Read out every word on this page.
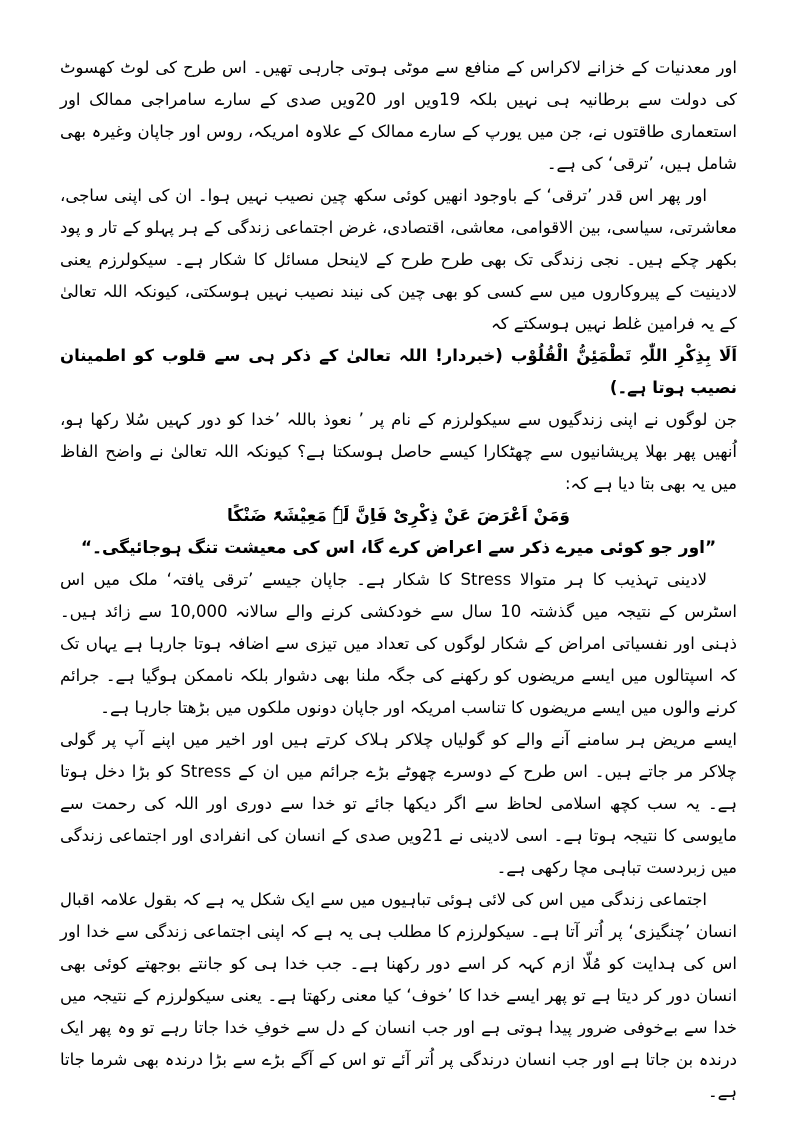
اور معدنیات کے خزانے لاکراس کے منافع سے موٹی ہوتی جارہی تھیں۔ اس طرح کی لوٹ کھسوٹ کی دولت سے برطانیہ ہی نہیں بلکہ 19ویں اور 20ویں صدی کے سارے سامراجی ممالک اور استعماری طاقتوں نے، جن میں یورپ کے سارے ممالک کے علاوہ امریکہ، روس اور جاپان وغیرہ بھی شامل ہیں، ’ترقی‘ کی ہے۔

اور پھر اس قدر ’ترقی‘ کے باوجود انھیں کوئی سکھ چین نصیب نہیں ہوا۔ ان کی اپنی ساجی، معاشرتی، سیاسی، بین الاقوامی، معاشی، اقتصادی، غرض اجتماعی زندگی کے ہر پہلو کے تار و پود بکھر چکے ہیں۔ نجی زندگی تک بھی طرح طرح کے لاینحل مسائل کا شکار ہے۔ سیکولرزم یعنی لادینیت کے پیروکاروں میں سے کسی کو بھی چین کی نیند نصیب نہیں ہوسکتی، کیونکہ اللہ تعالیٰ کے یہ فرامین غلط نہیں ہوسکتے کہ

اَلَا بِذِکْرِ اللّٰہِ تَطْمَئِنُّ الْقُلُوْب (خبردار! اللہ تعالیٰ کے ذکر ہی سے قلوب کو اطمینان نصیب ہوتا ہے۔)

جن لوگوں نے اپنی زندگیوں سے سیکولرزم کے نام پر ’ نعوذ باللہ ’خدا کو دور کہیں سُلا رکھا ہو، اُنھیں پھر بھلا پریشانیوں سے چھٹکارا کیسے حاصل ہوسکتا ہے؟ کیونکہ اللہ تعالیٰ نے واضح الفاظ میں یہ بھی بتا دیا ہے کہ:

وَمَنْ اَعْرَضَ عَنْ ذِکْرِیْ فَاِنَّ لَہٗ مَعِیْشَۃً ضَنْکًا

”اور جو کوئی میرے ذکر سے اعراض کرے گا، اس کی معیشت تنگ ہوجائیگی۔“

لادینی تہذیب کا ہر متوالا Stress کا شکار ہے۔ جاپان جیسے ’ترقی یافتہ‘ ملک میں اس اسٹرس کے نتیجہ میں گذشتہ 10 سال سے خودکشی کرنے والے سالانہ 10,000 سے زائد ہیں۔ ذہنی اور نفسیاتی امراض کے شکار لوگوں کی تعداد میں تیزی سے اضافہ ہوتا جارہا ہے یہاں تک کہ اسپتالوں میں ایسے مریضوں کو رکھنے کی جگہ ملنا بھی دشوار بلکہ ناممکن ہوگیا ہے۔ جرائم کرنے والوں میں ایسے مریضوں کا تناسب امریکہ اور جاپان دونوں ملکوں میں بڑھتا جارہا ہے۔

ایسے مریض ہر سامنے آنے والے کو گولیاں چلاکر ہلاک کرتے ہیں اور اخیر میں اپنے آپ پر گولی چلاکر مر جاتے ہیں۔ اس طرح کے دوسرے چھوٹے بڑے جرائم میں ان کے Stress کو بڑا دخل ہوتا ہے۔ یہ سب کچھ اسلامی لحاظ سے اگر دیکھا جائے تو خدا سے دوری اور اللہ کی رحمت سے مایوسی کا نتیجہ ہوتا ہے۔ اسی لادینی نے 21ویں صدی کے انسان کی انفرادی اور اجتماعی زندگی میں زبردست تباہی مچا رکھی ہے۔

اجتماعی زندگی میں اس کی لائی ہوئی تباہیوں میں سے ایک شکل یہ ہے کہ بقول علامہ اقبال انسان ’چنگیزی‘ پر اُتر آتا ہے۔ سیکولرزم کا مطلب ہی یہ ہے کہ اپنی اجتماعی زندگی سے خدا اور اس کی ہدایت کو مُلّا ازم کہہ کر اسے دور رکھنا ہے۔ جب خدا ہی کو جانتے بوجھتے کوئی بھی انسان دور کر دیتا ہے تو پھر ایسے خدا کا ’خوف‘ کیا معنی رکھتا ہے۔ یعنی سیکولرزم کے نتیجہ میں خدا سے بےخوفی ضرور پیدا ہوتی ہے اور جب انسان کے دل سے خوفِ خدا جاتا رہے تو وہ پھر ایک درندہ بن جاتا ہے اور جب انسان درندگی پر اُتر آئے تو اس کے آگے بڑے سے بڑا درندہ بھی شرما جاتا ہے۔
